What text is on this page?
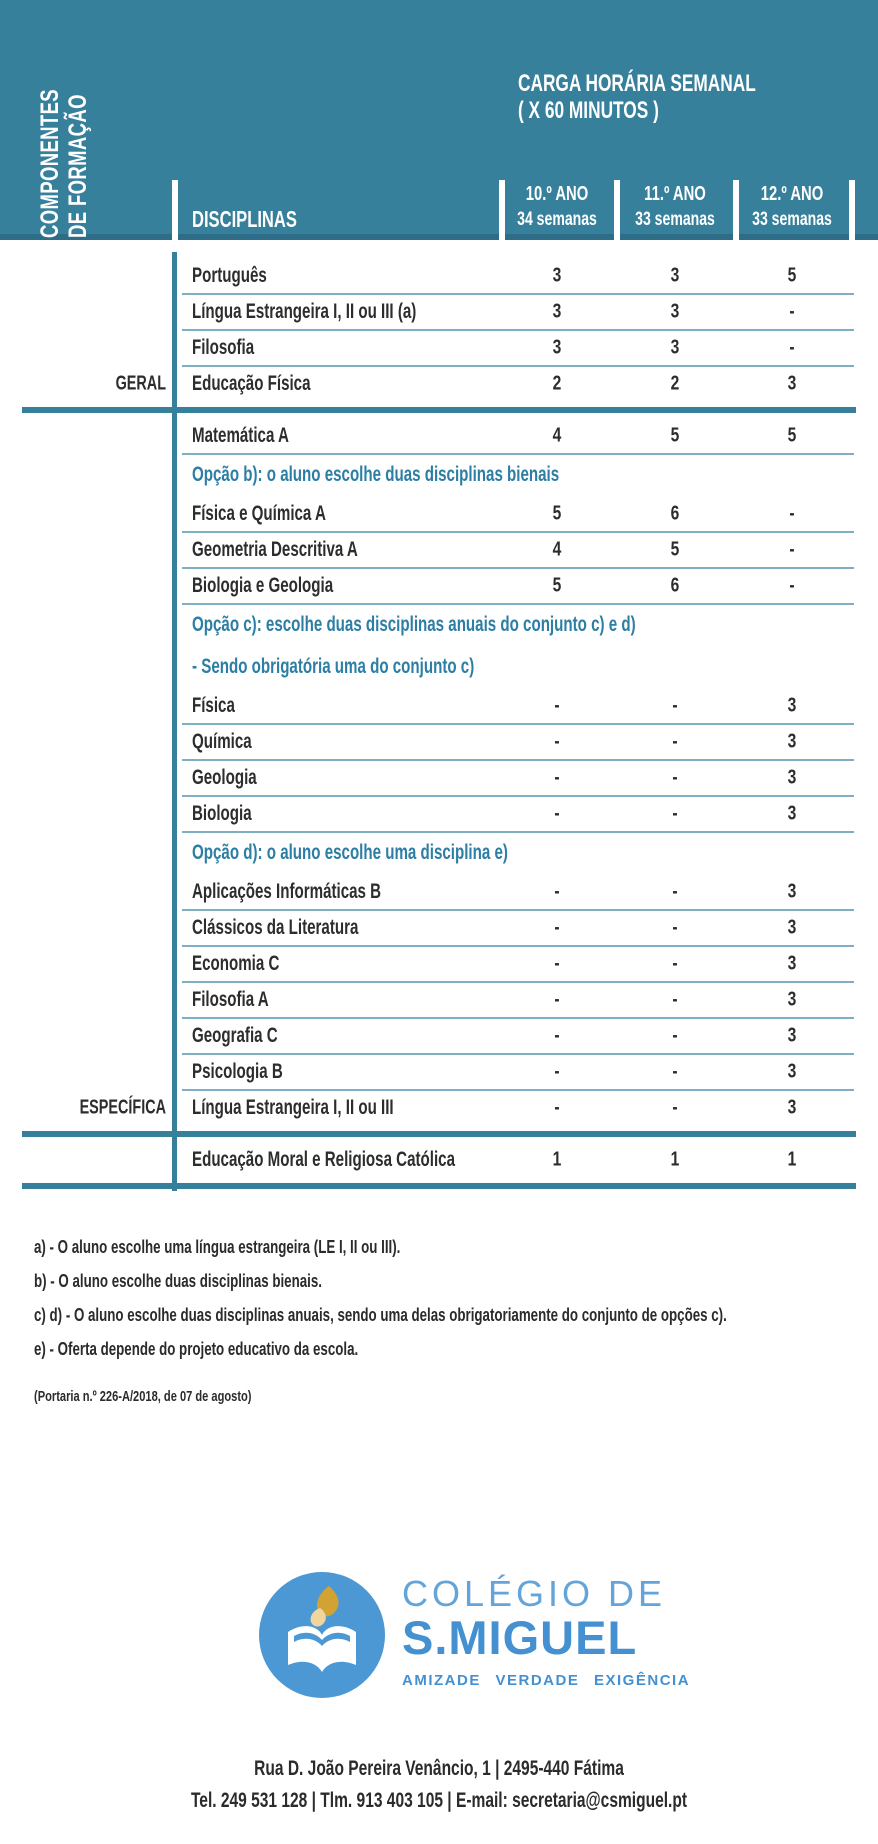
COMPONENTES DE FORMAÇÃO
CARGA HORÁRIA SEMANAL
( X 60 MINUTOS )
DISCIPLINAS
10.º ANO
34 semanas
11.º ANO
33 semanas
12.º ANO
33 semanas
Português	3	3	5
Língua Estrangeira I, II ou III (a)	3	3	-
Filosofia	3	3	-
GERAL Educação Física	2	2	3
Matemática A	4	5	5
Opção b): o aluno escolhe duas disciplinas bienais
Física e Química A	5	6	-
Geometria Descritiva A	4	5	-
Biologia e Geologia	5	6	-
Opção c): escolhe duas disciplinas anuais do conjunto c) e d)
- Sendo obrigatória uma do conjunto c)
Física	-	-	3
Química	-	-	3
Geologia	-	-	3
Biologia	-	-	3
Opção d): o aluno escolhe uma disciplina e)
Aplicações Informáticas B	-	-	3
Clássicos da Literatura	-	-	3
Economia C	-	-	3
Filosofia A	-	-	3
Geografia C	-	-	3
Psicologia B	-	-	3
ESPECÍFICA Língua Estrangeira I, II ou III	-	-	3
Educação Moral e Religiosa Católica	1	1	1
a) - O aluno escolhe uma língua estrangeira (LE I, II ou III).
b) - O aluno escolhe duas disciplinas bienais.
c) d) - O aluno escolhe duas disciplinas anuais, sendo uma delas obrigatoriamente do conjunto de opções c).
e) - Oferta depende do projeto educativo da escola.
(Portaria n.º 226-A/2018, de 07 de agosto)
COLÉGIO DE
S.MIGUEL
AMIZADE VERDADE EXIGÊNCIA
Rua D. João Pereira Venâncio, 1 | 2495-440 Fátima
Tel. 249 531 128 | Tlm. 913 403 105 | E-mail: secretaria@csmiguel.pt
